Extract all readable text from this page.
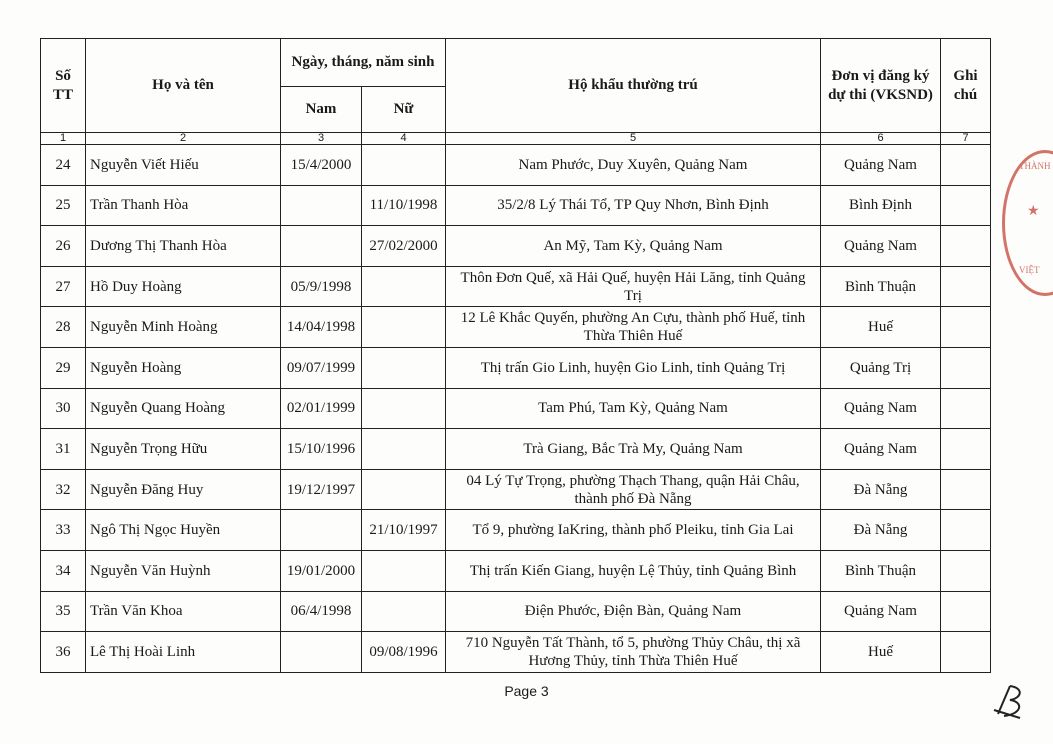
Số TT	Họ và tên	Ngày, tháng, năm sinh		Hộ khẩu thường trú	Đơn vị đăng ký dự thi (VKSND)	Ghi chú
		Nam	Nữ			
1	2	3	4	5	6	7
24	Nguyễn Viết Hiếu	15/4/2000		Nam Phước, Duy Xuyên, Quảng Nam	Quảng Nam	
25	Trần Thanh Hòa		11/10/1998	35/2/8 Lý Thái Tổ, TP Quy Nhơn, Bình Định	Bình Định	
26	Dương Thị Thanh Hòa		27/02/2000	An Mỹ, Tam Kỳ, Quảng Nam	Quảng Nam	
27	Hồ Duy Hoàng	05/9/1998		Thôn Đơn Quế, xã Hải Quế, huyện Hải Lăng, tỉnh Quảng Trị	Bình Thuận	
28	Nguyễn Minh Hoàng	14/04/1998		12 Lê Khắc Quyến, phường An Cựu, thành phố Huế, tỉnh Thừa Thiên Huế	Huế	
29	Nguyễn Hoàng	09/07/1999		Thị trấn Gio Linh, huyện Gio Linh, tỉnh Quảng Trị	Quảng Trị	
30	Nguyễn Quang Hoàng	02/01/1999		Tam Phú, Tam Kỳ, Quảng Nam	Quảng Nam	
31	Nguyễn Trọng Hữu	15/10/1996		Trà Giang, Bắc Trà My, Quảng Nam	Quảng Nam	
32	Nguyễn Đăng Huy	19/12/1997		04 Lý Tự Trọng, phường Thạch Thang, quận Hải Châu, thành phố Đà Nẵng	Đà Nẵng	
33	Ngô Thị Ngọc Huyền		21/10/1997	Tổ 9, phường IaKring, thành phố Pleiku, tỉnh Gia Lai	Đà Nẵng	
34	Nguyễn Văn Huỳnh	19/01/2000		Thị trấn Kiến Giang, huyện Lệ Thủy, tỉnh Quảng Bình	Bình Thuận	
35	Trần Văn Khoa	06/4/1998		Điện Phước, Điện Bàn, Quảng Nam	Quảng Nam	
36	Lê Thị Hoài Linh		09/08/1996	710 Nguyễn Tất Thành, tổ 5, phường Thủy Châu, thị xã Hương Thủy, tỉnh Thừa Thiên Huế	Huế	
THÀNH
★
VIỆT
Page 3
